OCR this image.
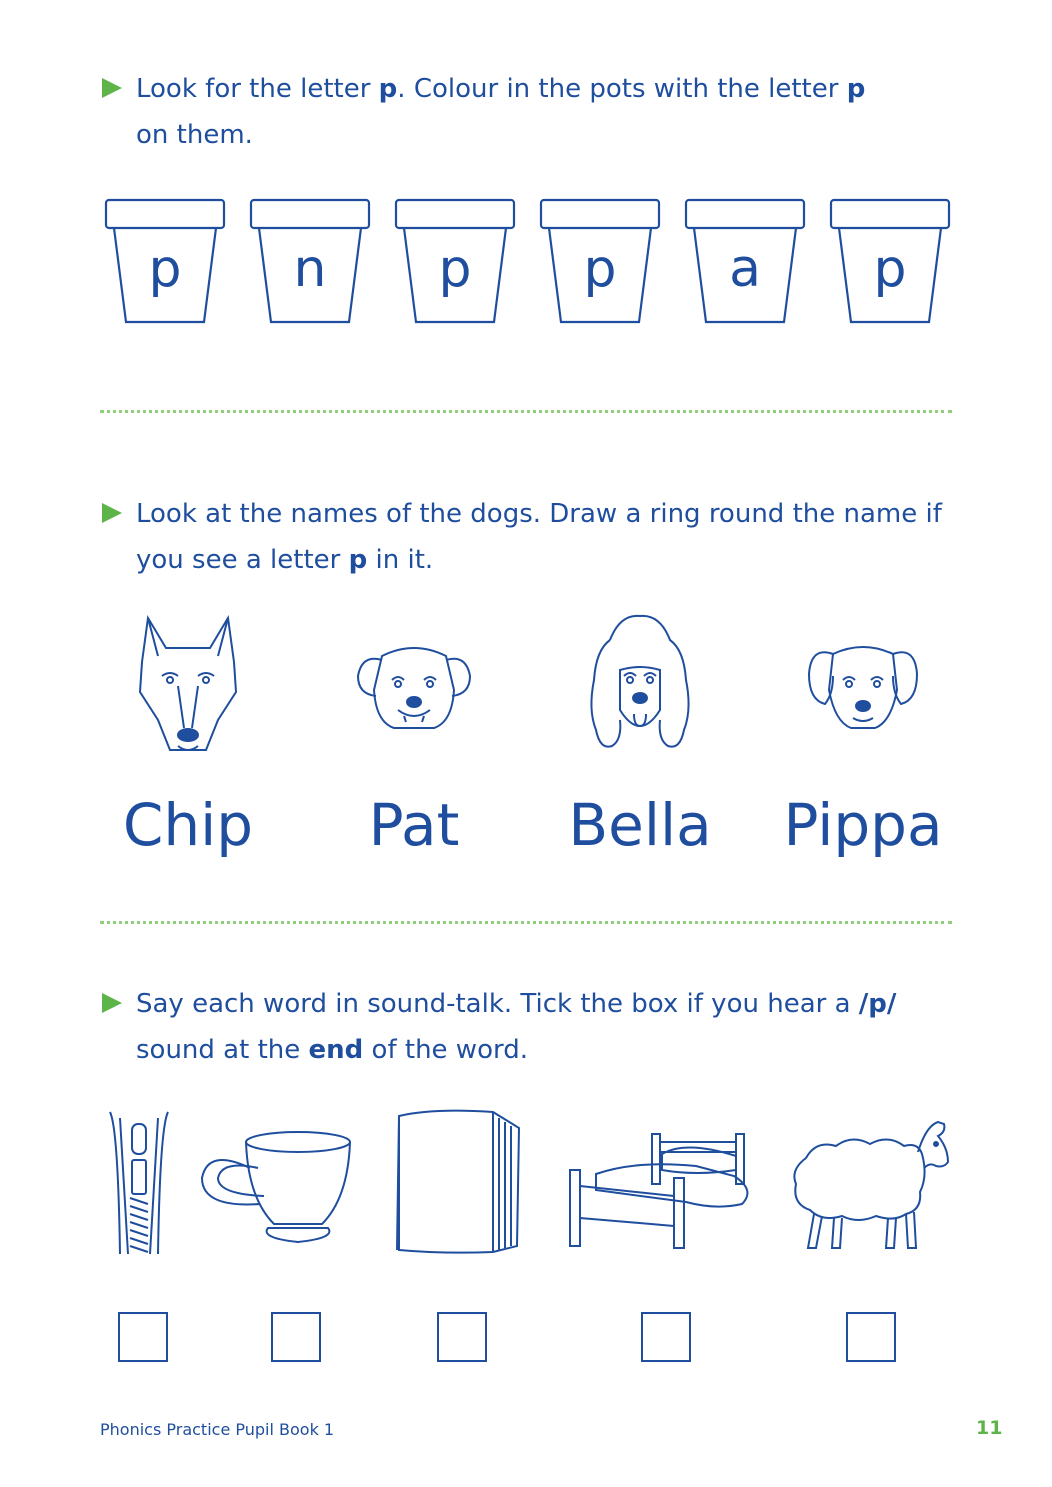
Look for the letter p. Colour in the pots with the letter p
on them.
p	n	p	p	a	p
Look at the names of the dogs. Draw a ring round the name if
you see a letter p in it.
Chip	Pat	Bella	Pippa
Say each word in sound-talk. Tick the box if you hear a /p/
sound at the end of the word.
Phonics Practice Pupil Book 1	11
